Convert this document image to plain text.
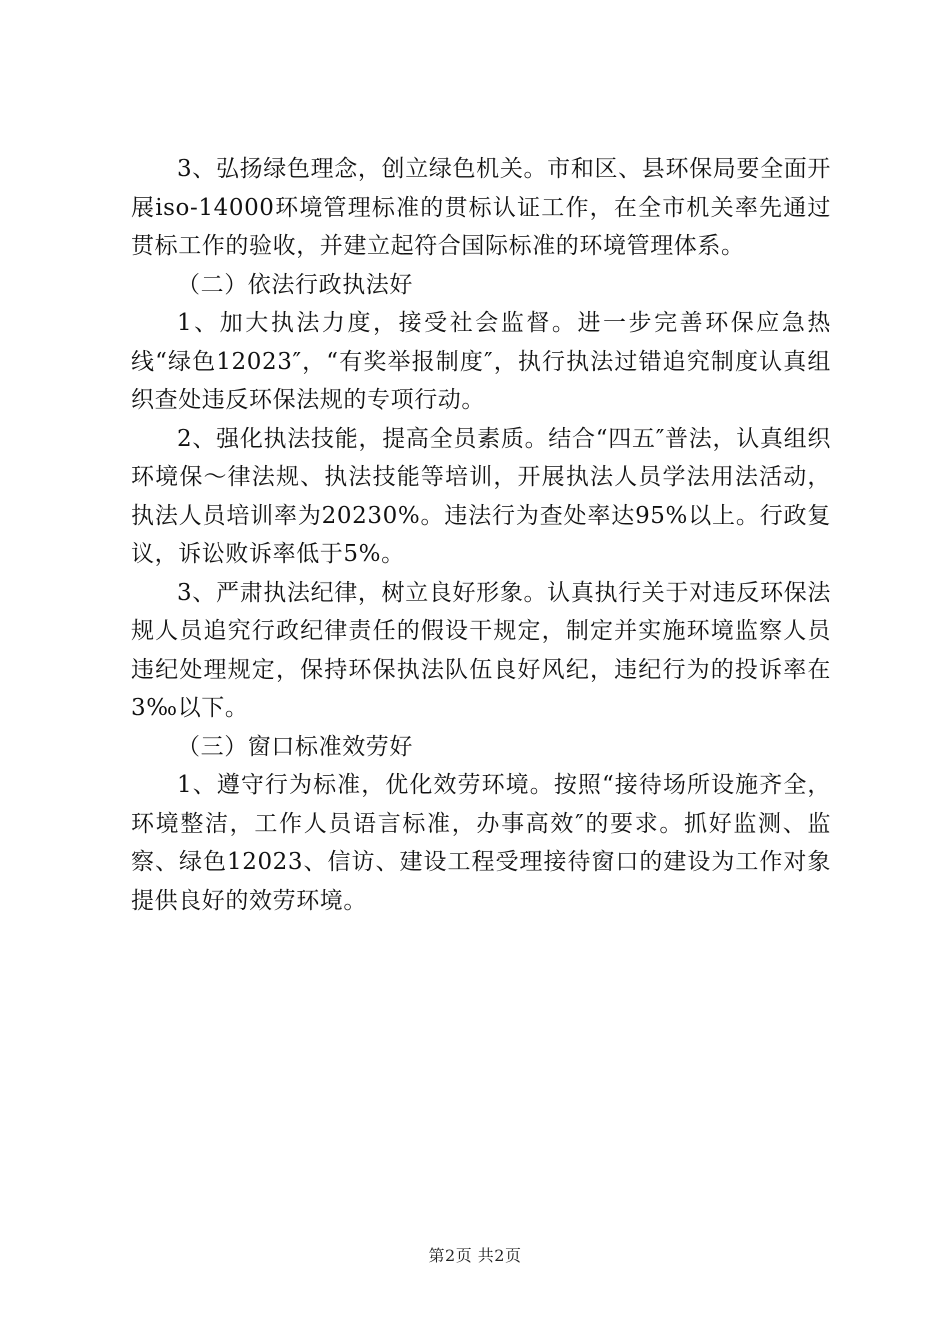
3、弘扬绿色理念，创立绿色机关。市和区、县环保局要全面开展iso-14000环境管理标准的贯标认证工作，在全市机关率先通过贯标工作的验收，并建立起符合国际标准的环境管理体系。

（二）依法行政执法好

1、加大执法力度，接受社会监督。进一步完善环保应急热线“绿色12023″，“有奖举报制度″，执行执法过错追究制度认真组织查处违反环保法规的专项行动。

2、强化执法技能，提高全员素质。结合“四五″普法，认真组织环境保～律法规、执法技能等培训，开展执法人员学法用法活动，执法人员培训率为20230%。违法行为查处率达95%以上。行政复议，诉讼败诉率低于5%。

3、严肃执法纪律，树立良好形象。认真执行关于对违反环保法规人员追究行政纪律责任的假设干规定，制定并实施环境监察人员违纪处理规定，保持环保执法队伍良好风纪，违纪行为的投诉率在3‰以下。

（三）窗口标准效劳好

1、遵守行为标准，优化效劳环境。按照“接待场所设施齐全，环境整洁，工作人员语言标准，办事高效″的要求。抓好监测、监察、绿色12023、信访、建设工程受理接待窗口的建设为工作对象提供良好的效劳环境。

第2页 共2页
